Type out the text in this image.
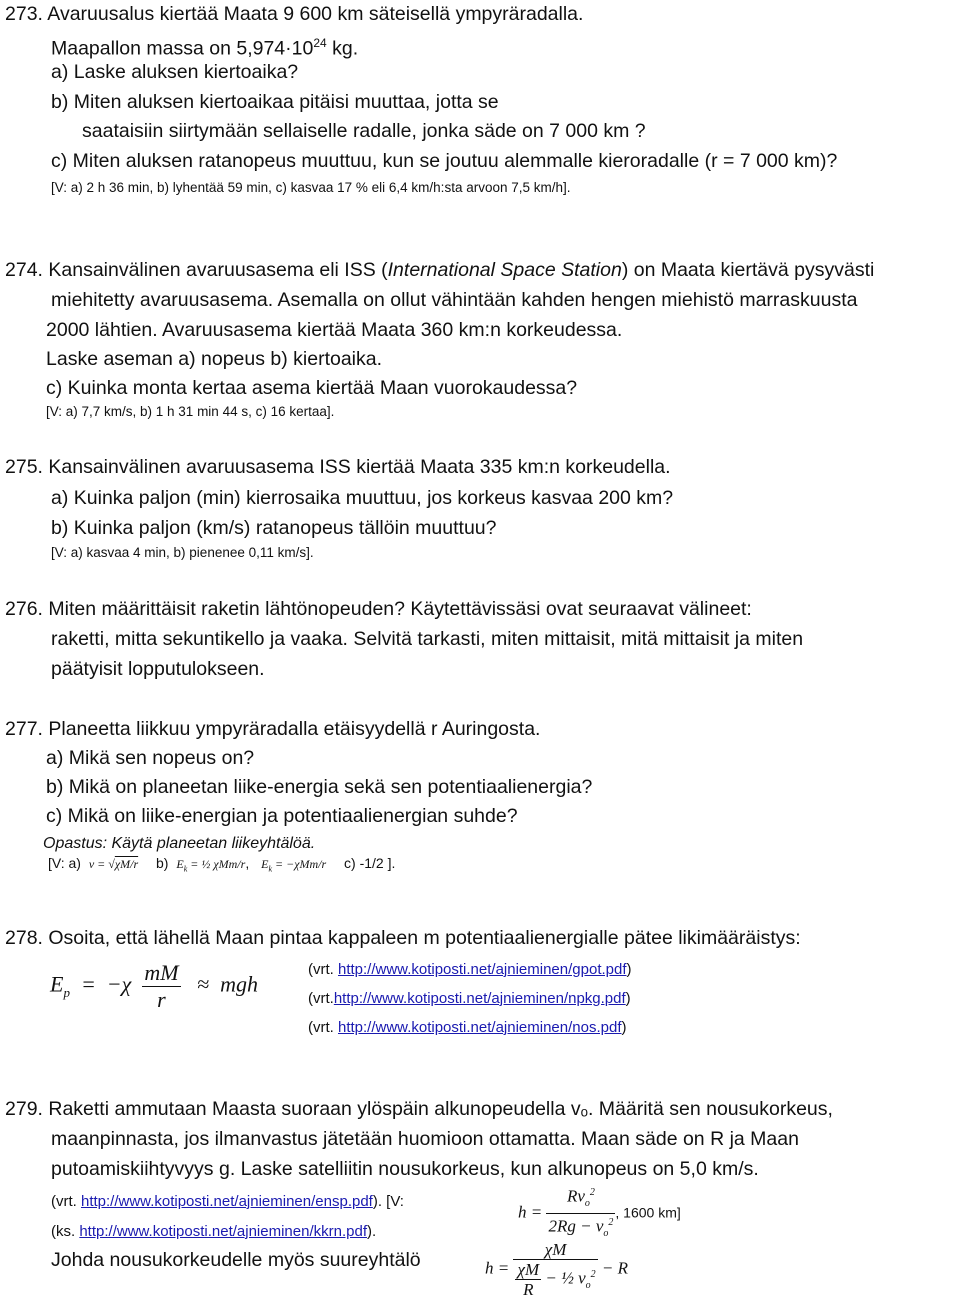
273. Avaruusalus kiertää Maata 9 600 km säteisellä ympyräradalla.
Maapallon massa on $5,974\cdot 10^{24}$ kg.
a) Laske aluksen kiertoaika?
b) Miten aluksen kiertoaikaa pitäisi muuttaa, jotta se
saataisiin siirtymään sellaiselle radalle, jonka säde on 7 000 km ?
c) Miten aluksen ratanopeus muuttuu, kun se joutuu alemmalle kieroradalle (r = 7 000 km)?
[V: a) 2 h 36 min, b) lyhentää 59 min, c) kasvaa 17 % eli 6,4 km/h:sta arvoon 7,5 km/h].
274. Kansainvälinen avaruusasema eli ISS (International Space Station) on Maata kiertävä pysyvästi
miehitetty avaruusasema. Asemalla on ollut vähintään kahden hengen miehistö marraskuusta
2000 lähtien. Avaruusasema kiertää Maata 360 km:n korkeudessa.
Laske aseman a) nopeus b) kiertoaika.
c) Kuinka monta kertaa asema kiertää Maan vuorokaudessa?
[V: a) 7,7 km/s, b) 1 h 31 min 44 s, c) 16 kertaa].
275. Kansainvälinen avaruusasema ISS kiertää Maata 335 km:n korkeudella.
a) Kuinka paljon (min) kierrosaika muuttuu, jos korkeus kasvaa 200 km?
b) Kuinka paljon (km/s) ratanopeus tällöin muuttuu?
[V: a) kasvaa 4 min, b) pienenee 0,11 km/s].
276. Miten määrittäisit raketin lähtönopeuden? Käytettävissäsi ovat seuraavat välineet:
raketti, mitta sekuntikello ja vaaka. Selvitä tarkasti, miten mittaisit, mitä mittaisit ja miten
päätyisit lopputulokseen.
277. Planeetta liikkuu ympyräradalla etäisyydellä r Auringosta.
a) Mikä sen nopeus on?
b) Mikä on planeetan liike-energia sekä sen potentiaalienergia?
c) Mikä on liike-energian ja potentiaalienergian suhde?
Opastus: Käytä planeetan liikeyhtälöä.
[V: a) v = √χM/r b) $E_k$ = ½ χMm/r, $E_k = -\chi Mm/r$ c) -1/2 ].
278. Osoita, että lähellä Maan pintaa kappaleen m potentiaalienergialle pätee likimääräistys:
$E_p = -\chi \frac{mM}{r}$ ≈  mgh
(vrt. http://www.kotiposti.net/ajnieminen/gpot.pdf)
(vrt.http://www.kotiposti.net/ajnieminen/npkg.pdf)
(vrt. http://www.kotiposti.net/ajnieminen/nos.pdf)
279. Raketti ammutaan Maasta suoraan ylöspäin alkunopeudella vₒ. Määritä sen nousukorkeus,
maanpinnasta, jos ilmanvastus jätetään huomioon ottamatta. Maan säde on R ja Maan
putoamiskiihtyvyys g. Laske satelliitin nousukorkeus, kun alkunopeus on 5,0 km/s.
(vrt. http://www.kotiposti.net/ajnieminen/ensp.pdf). [V:
$h = \frac{Rv_o^2}{2Rg - v_o^2}$ , 1600 km]
(ks. http://www.kotiposti.net/ajnieminen/kkrn.pdf).
Johda nousukorkeudelle myös suureyhtälö	$h = \frac{\chi M}{\frac{\chi M}{R} - \frac{1}{2} v_o^2} - R$
